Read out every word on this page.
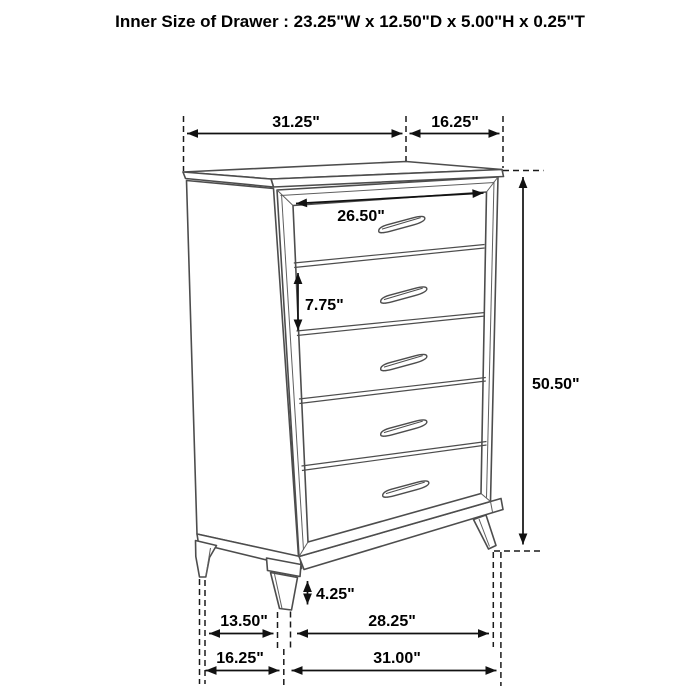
31.25"	16.25"
26.50"
7.75"
50.50"
4.25"
13.50"	28.25"
16.25"	31.00"
Inner Size of Drawer : 23.25"W x 12.50"D x 5.00"H x 0.25"T
